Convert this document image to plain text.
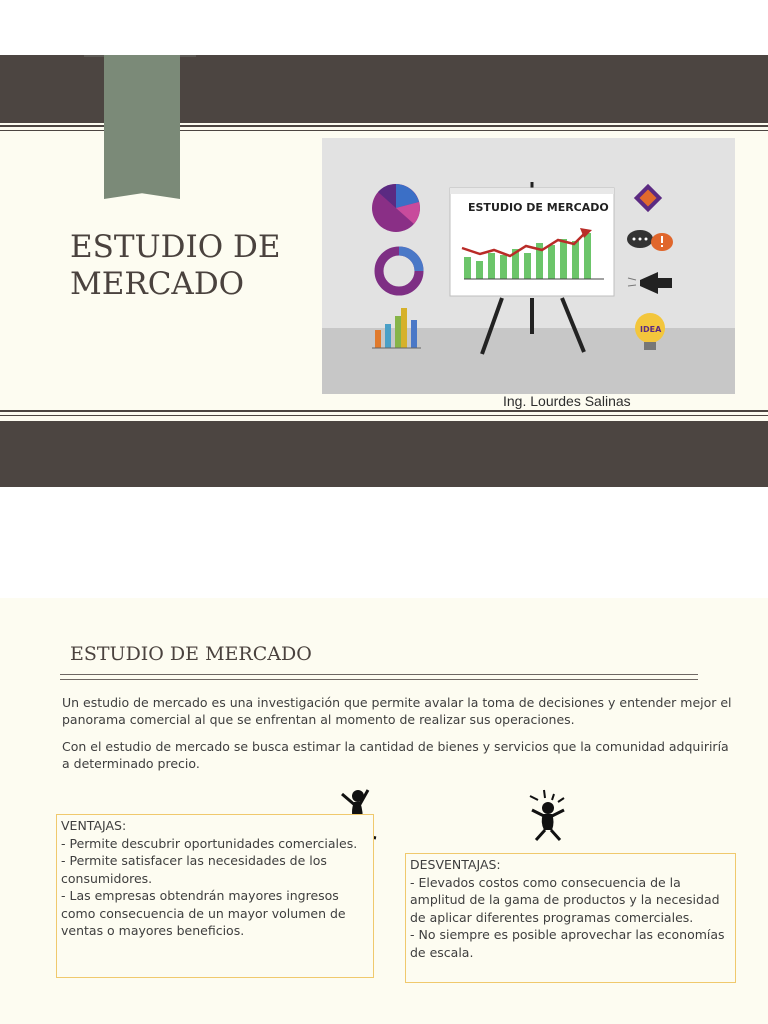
ESTUDIO DE
MERCADO
ESTUDIO DE MERCADO
IDEA
Ing. Lourdes Salinas
ESTUDIO DE MERCADO

Un estudio de mercado es una investigación que permite avalar la toma de decisiones y entender mejor el panorama comercial al que se enfrentan al momento de realizar sus operaciones.

Con el estudio de mercado se busca estimar la cantidad de bienes y servicios que la comunidad adquiriría a determinado precio.

VENTAJAS:
- Permite descubrir oportunidades comerciales.
- Permite satisfacer las necesidades de los consumidores.
- Las empresas obtendrán mayores ingresos como consecuencia de un mayor volumen de ventas o mayores beneficios.
DESVENTAJAS:
- Elevados costos como consecuencia de la amplitud de la gama de productos y la necesidad de aplicar diferentes programas comerciales.
- No siempre es posible aprovechar las economías de escala.
